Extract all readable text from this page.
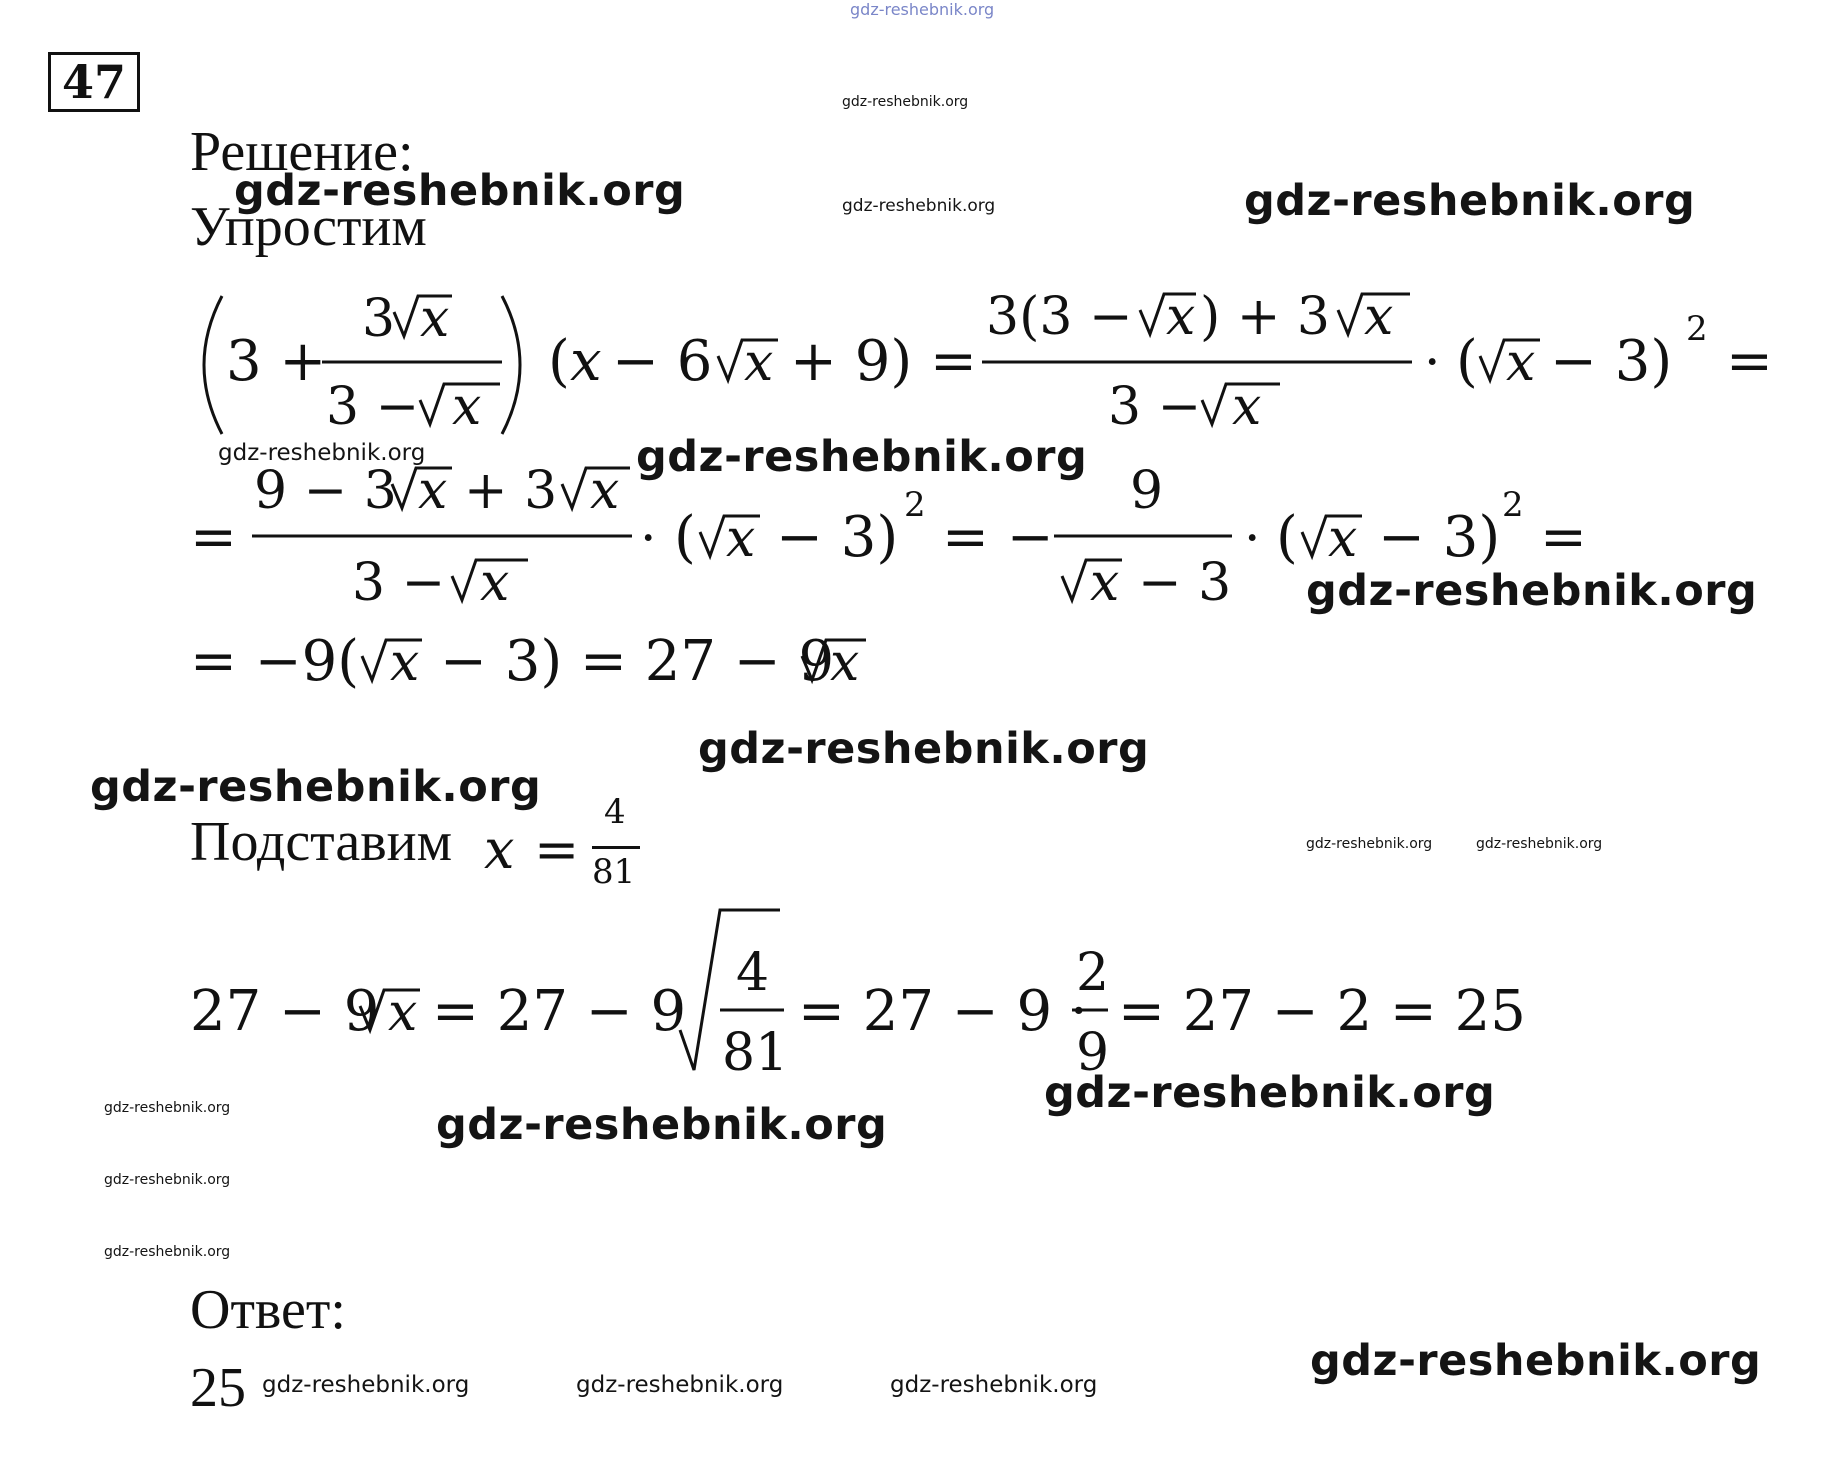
47
Решение:
Упростим
3 +
3 x
3 − x
( x − 6 x + 9) =
3(3 − x ) + 3 x
3 − x
· ( x − 3) 2 =
=
9 − 3 x + 3 x
3 − x
· ( x − 3) 2 = −
9
x − 3
· ( x − 3) 2 =
= −9( x − 3) = 27 − 9
x
27 − 9 x = 27 − 9
4
81
= 27 − 9 ·
2
9
= 27 − 2 = 25
Подставим x =
4
81
Ответ:
25
gdz-reshebnik.org
gdz-reshebnik.org
gdz-reshebnik.org
gdz-reshebnik.org	gdz-reshebnik.org
gdz-reshebnik.org	gdz-reshebnik.org
gdz-reshebnik.org
gdz-reshebnik.org
gdz-reshebnik.org
gdz-reshebnik.org	gdz-reshebnik.org
gdz-reshebnik.org
gdz-reshebnik.org
gdz-reshebnik.org
gdz-reshebnik.org
gdz-reshebnik.org
gdz-reshebnik.org
gdz-reshebnik.org	gdz-reshebnik.org	gdz-reshebnik.org
